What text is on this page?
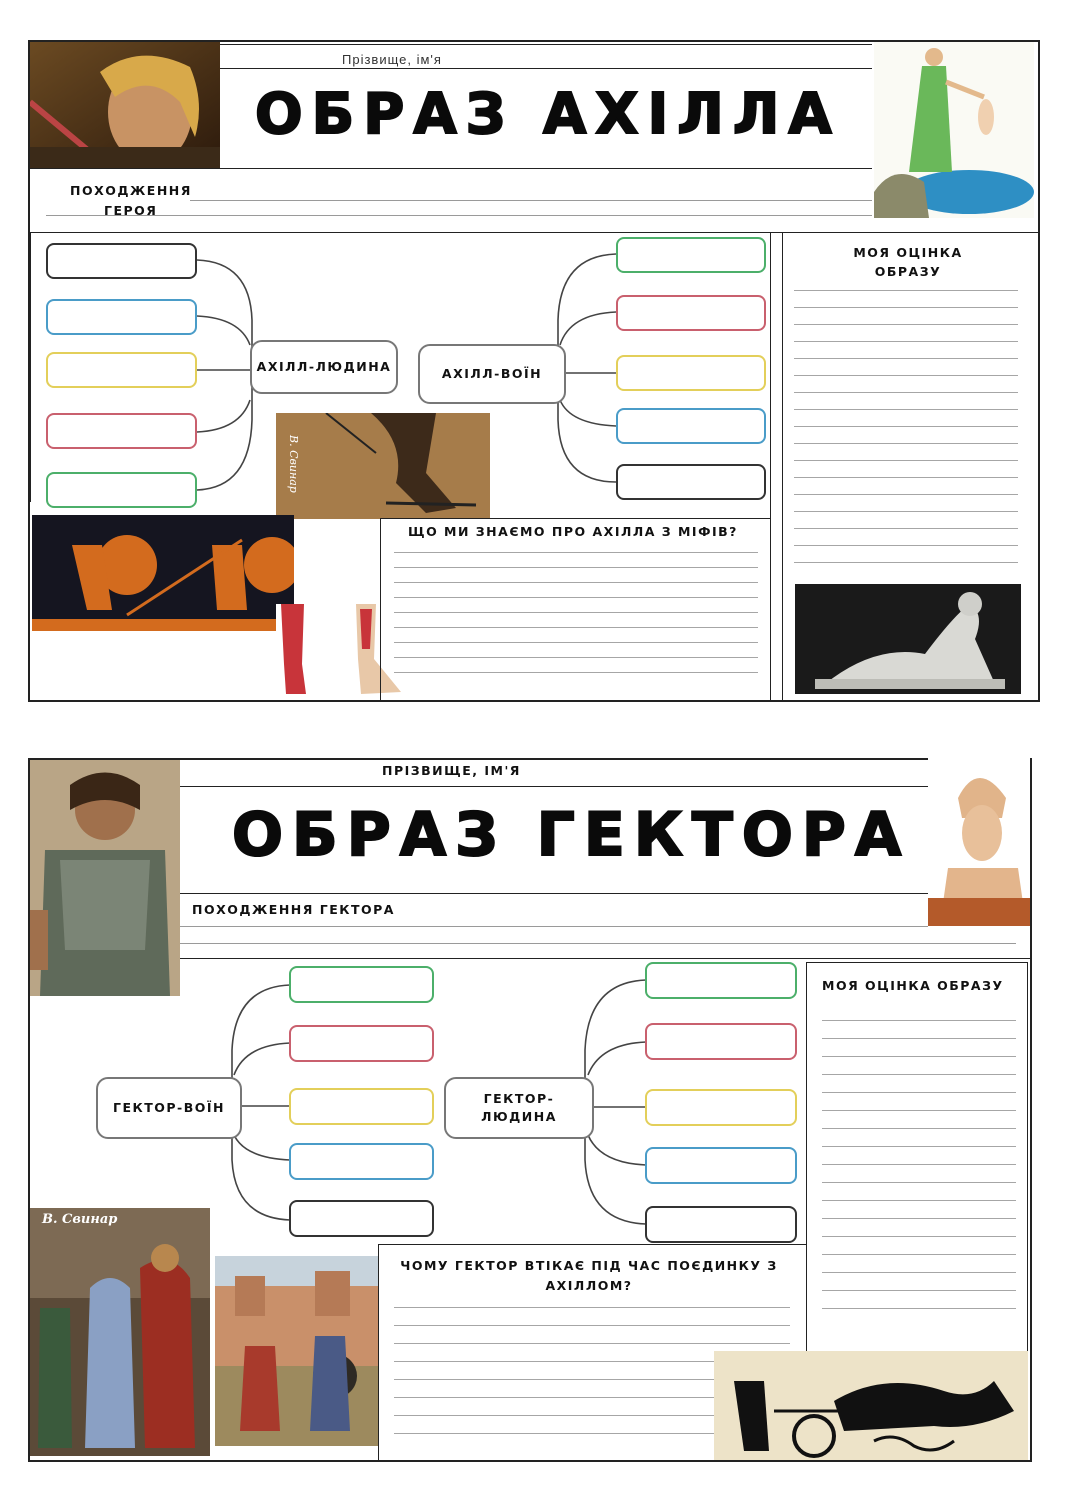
Прізвище, ім'я
ОБРАЗ АХІЛЛА
ПОХОДЖЕННЯ
ГЕРОЯ
АХІЛЛ-ЛЮДИНА	АХІЛЛ-ВОЇН
ЩО МИ ЗНАЄМО ПРО АХІЛЛА З МІФІВ?
МОЯ ОЦІНКА
ОБРАЗУ
ПРІЗВИЩЕ, ІМ'Я
ОБРАЗ ГЕКТОРА
ПОХОДЖЕННЯ ГЕКТОРА
ГЕКТОР-ВОЇН
ГЕКТОР-
ЛЮДИНА
МОЯ ОЦІНКА ОБРАЗУ
В. Свинар
ЧОМУ ГЕКТОР ВТІКАЄ ПІД ЧАС ПОЄДИНКУ З
АХІЛЛОМ?
